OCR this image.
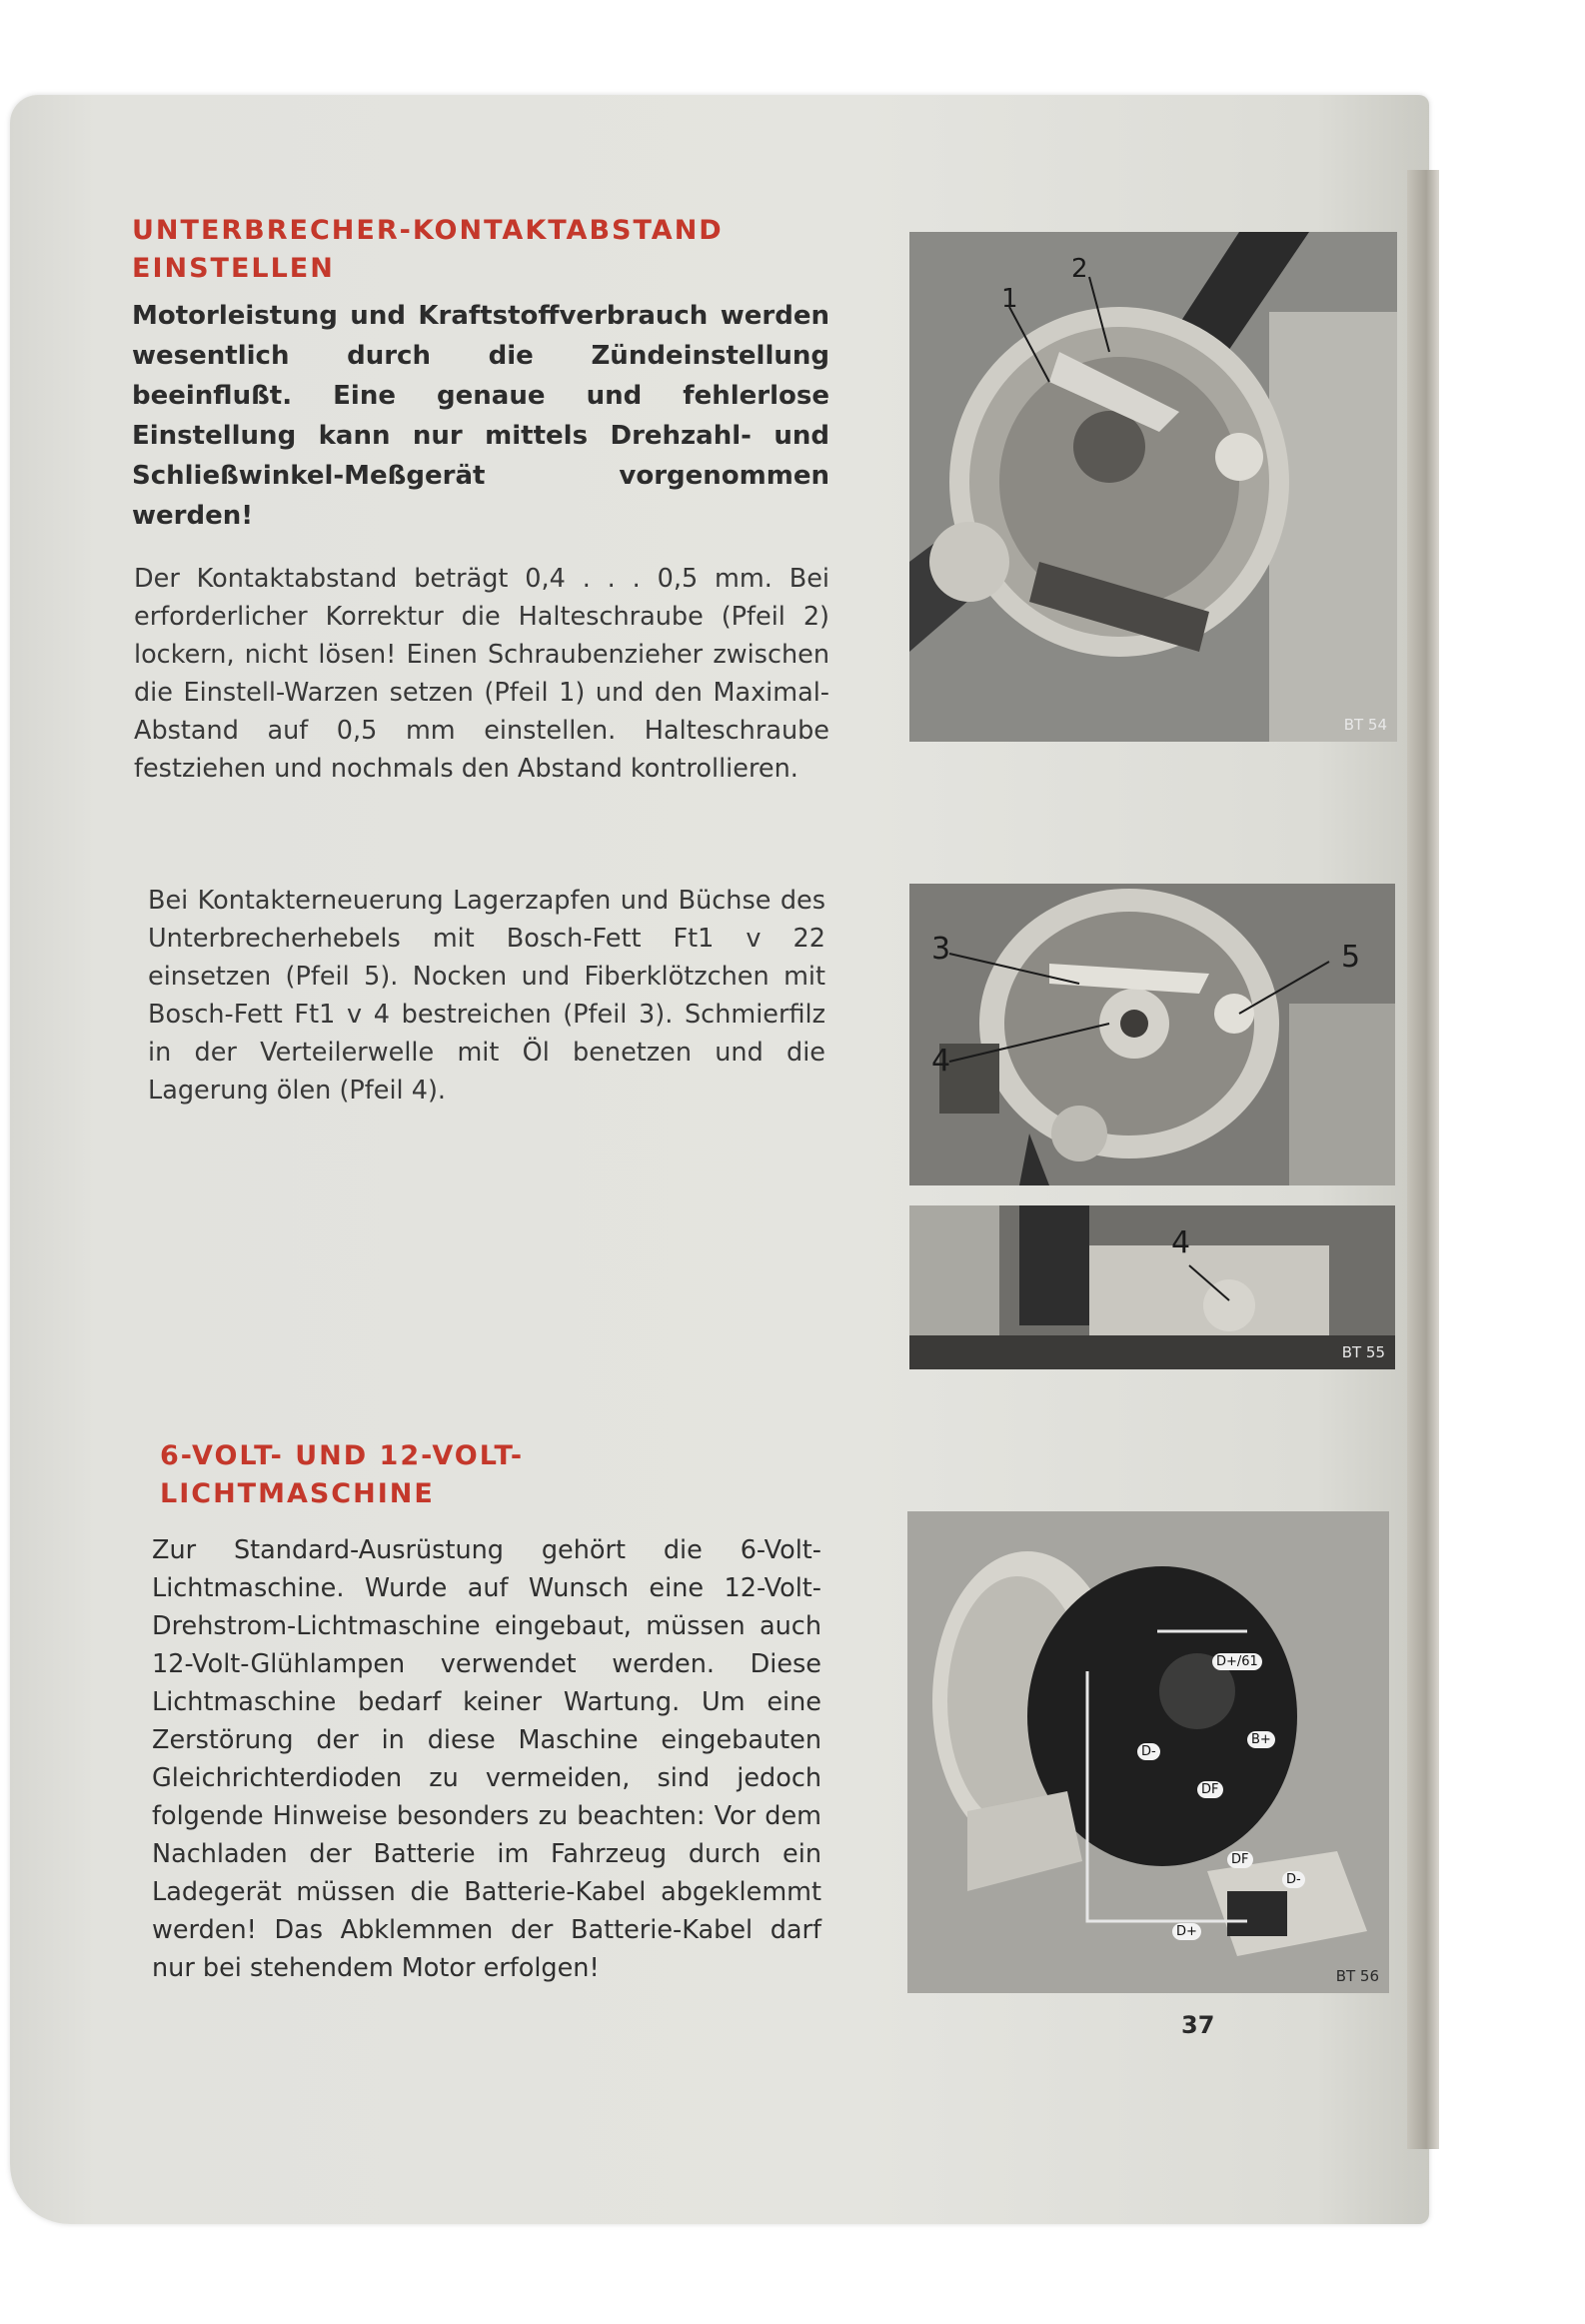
UNTERBRECHER-KONTAKTABSTAND
EINSTELLEN

Motorleistung und Kraftstoffverbrauch werden wesentlich durch die Zündeinstellung beeinflußt. Eine genaue und fehlerlose Einstellung kann nur mittels Drehzahl- und Schließwinkel-Meßgerät vorgenommen werden!

Der Kontaktabstand beträgt 0,4 . . . 0,5 mm. Bei erforderlicher Korrektur die Halteschraube (Pfeil 2) lockern, nicht lösen! Einen Schraubenzieher zwischen die Einstell-Warzen setzen (Pfeil 1) und den Maximal-Abstand auf 0,5 mm einstellen. Halteschraube festziehen und nochmals den Abstand kontrollieren.

Bei Kontakterneuerung Lagerzapfen und Büchse des Unterbrecherhebels mit Bosch-Fett Ft1 v 22 einsetzen (Pfeil 5). Nocken und Fiberklötzchen mit Bosch-Fett Ft1 v 4 bestreichen (Pfeil 3). Schmierfilz in der Verteilerwelle mit Öl benetzen und die Lagerung ölen (Pfeil 4).

1
2
BT 54
3
4
5
4
BT 55
6-VOLT- UND 12-VOLT-
LICHTMASCHINE

Zur Standard-Ausrüstung gehört die 6-Volt-Lichtmaschine. Wurde auf Wunsch eine 12-Volt-Drehstrom-Lichtmaschine eingebaut, müssen auch 12-Volt-Glühlampen verwendet werden. Diese Lichtmaschine bedarf keiner Wartung. Um eine Zerstörung der in diese Maschine eingebauten Gleichrichterdioden zu vermeiden, sind jedoch folgende Hinweise besonders zu beachten: Vor dem Nachladen der Batterie im Fahrzeug durch ein Ladegerät müssen die Batterie-Kabel abgeklemmt werden! Das Abklemmen der Batterie-Kabel darf nur bei stehendem Motor erfolgen!

D+/61
D-
B+
DF
DF
D-
D+
BT 56
37
